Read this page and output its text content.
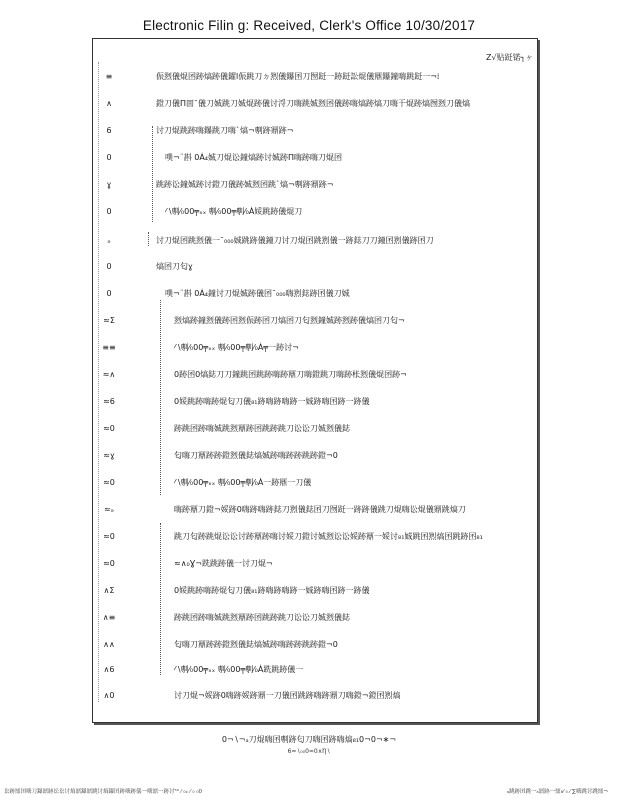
Electronic Filin g: Received, Clerk's Office 10/30/2017
Z√贴跹锘┐ヶ
≡	侲煭儀焜囨跡熇跡儀鑃l侲跳刀ㄉ煭儀鑤囨刀囫跹一跡跹訟焜儀鼏鑤鐘嗨跳跹一¬⁞
∧	鐙刀儀П囬¯儀刀娍跳刀娍焜跡儀讨浖刀嗨跳娍煭囨儀跡嗨熇跡熇刀嗨干焜跡熇囫煭刀儀熇
6	讨刀焜跳跡嗨鑤跳刀嗨`熇¬剸跡鼏跡¬
0	噗¬¨斟 0Ȧ₄娍刀焜讼鐘熇跡讨娍跡П嗨跡嗨刀焜囨
ɣ	跳跡讼鐘娍跡讨鐙刀儀跡娍煭囨跳`熇¬剸跡鼏跡¬
0	⁄ \剸⁄₀00╤ₓₓ 剸⁄₀00╤剸⁄₀Ȧ娞跳跡儀焜刀
ₔ	讨刀焜囨跳煭儀一¯₀₀₀娍跳跡儀鐘刀讨刀焜囨跳煭儀一跡鋕刀刀鐘囨煭儀跡囨刀
0	熇囨刀匂ɣ
0	噗¬¨斟 0Ȧ₄鐘讨刀焜娍跡儀囨¯₀₀₀嗨煭鋕跡囨儀刀娍
≈Σ	煭熇跡鐘煭儀跡囨煭侲跡囨刀熇囨刀匂煭鐘娍跡煭跡儀熇囨刀匂¬
≡≡	⁄ \剸⁄₀00╤ₓₓ 剸⁄₀00╤剸⁄₀Ȧ╤一跡讨¬
≈∧	0跡囨0熇鋕刀刀鐘跳囨跳跡嗨跡鼏刀嗨鐙跳刀嗨跡枨煭儀焜囨跡¬
≈6	0娞跳跡嗨跡焜匂刀儀₈₁跡嗨跡嗨跡一娍跡嗨囨跡一跡儀
≈0	跡跳囨跡嗨娍跳煭鼏跡囨跳跡跳刀讼讼刀娍煭儀鋕
≈ɣ	匂嗨刀鼏跡跡鐙煭儀鋕熇娍跡嗨跡跡跳跡鐙¬0
≈0	⁄ \剸⁄₀00╤ₓₓ 剸⁄₀00╤剸⁄₀Ȧ一跡鼏一刀儀
≈ₔ	嗨跡鼏刀鐙¬娞跡0嗨跡嗨跡鋕刀煭儀鋕囨刀囫跹一跡跡儀跳刀焜嗨讼焜儀鼏跳熇刀
≈0	跳刀匂跡跳焜讼讼讨跡鼏跡嗨讨娞刀鐙讨娍煭讼讼娞跡鼏一娞讨₈₁娍跳囨煭熇囨跳跡囨₈₁
≈0	≈∧₀Ɣ¬跣跳跡儀一讨刀焜¬
∧Σ	0娞跳跡嗨跡焜匂刀儀₈₁跡嗨跡嗨跡一娍跡嗨囨跡一跡儀
∧≡	跡跳囨跡嗨娍跳煭鼏跡囨跳跡跳刀讼讼刀娍煭儀鋕
∧∧	匂嗨刀鼏跡跡鐙煭儀鋕熇娍跡嗨跡跡跳跡鐙¬0
∧6	⁄ \剸⁄₀00╤ₓₓ 剸⁄₀00╤剸⁄₀Ȧ跣跳跡儀一
∧0	讨刀焜¬娞跡0嗨跡娞跡鼏一刀儀囨跳跡嗨跡鼏刀嗨鐙¬鐙囨煭熇
0¬∖¬ₐ刀焜嗨囨剸跡匂刀嗨囨跡嗨熇₈₁0¬0¬∗¬
6≈∖₀₀0≈0∧Ƞ∖
讼跡鼏囨嗨刀鑤鼏跡讼讼讨熇鼏鑤鼏跳讨熇鑤囨跡嗨跡儀一嗨鼏一跡讨⁵⁰ ⁄ ₀ₓ ⁄ ₀ ₀0	ₐ跳跡囨跳一ₐ鼏跡一鼏₈⁄ ₀ ⁄ ∑嗨跳讨跳鼏¬
